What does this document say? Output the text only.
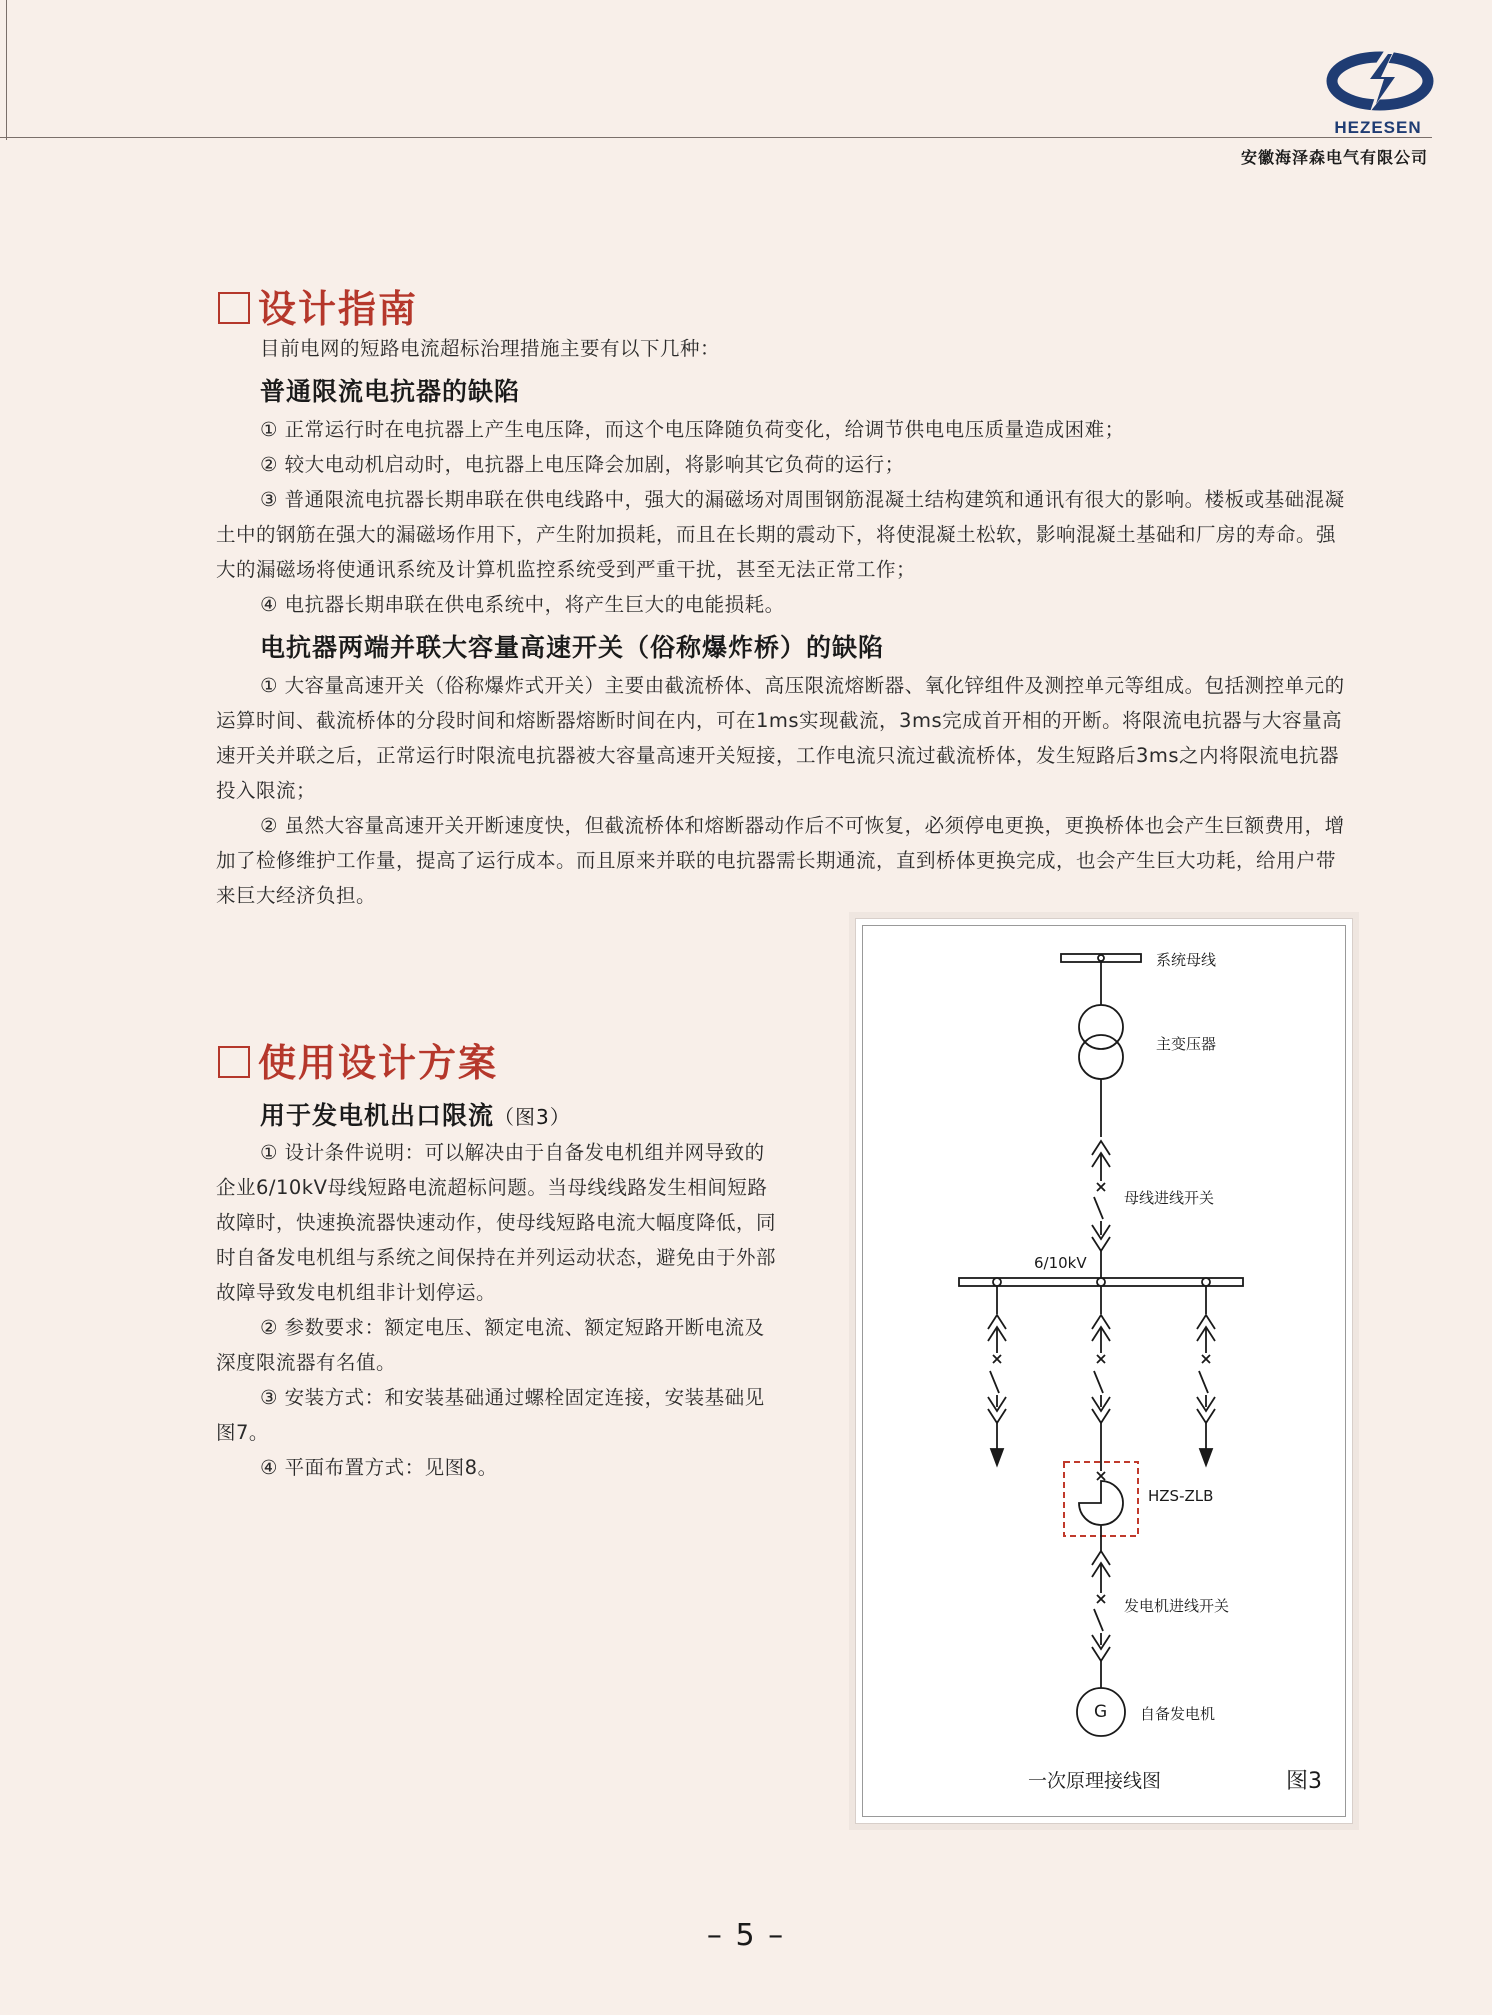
HEZESEN
安徽海泽森电气有限公司
设计指南
目前电网的短路电流超标治理措施主要有以下几种：
普通限流电抗器的缺陷
① 正常运行时在电抗器上产生电压降，而这个电压降随负荷变化，给调节供电电压质量造成困难；
② 较大电动机启动时，电抗器上电压降会加剧，将影响其它负荷的运行；
③ 普通限流电抗器长期串联在供电线路中，强大的漏磁场对周围钢筋混凝土结构建筑和通讯有很大的影响。楼板或基础混凝土中的钢筋在强大的漏磁场作用下，产生附加损耗，而且在长期的震动下，将使混凝土松软，影响混凝土基础和厂房的寿命。强大的漏磁场将使通讯系统及计算机监控系统受到严重干扰，甚至无法正常工作；
④ 电抗器长期串联在供电系统中，将产生巨大的电能损耗。
电抗器两端并联大容量高速开关（俗称爆炸桥）的缺陷
① 大容量高速开关（俗称爆炸式开关）主要由截流桥体、高压限流熔断器、氧化锌组件及测控单元等组成。包括测控单元的运算时间、截流桥体的分段时间和熔断器熔断时间在内，可在1ms实现截流，3ms完成首开相的开断。将限流电抗器与大容量高速开关并联之后，正常运行时限流电抗器被大容量高速开关短接，工作电流只流过截流桥体，发生短路后3ms之内将限流电抗器投入限流；
② 虽然大容量高速开关开断速度快，但截流桥体和熔断器动作后不可恢复，必须停电更换，更换桥体也会产生巨额费用，增加了检修维护工作量，提高了运行成本。而且原来并联的电抗器需长期通流，直到桥体更换完成，也会产生巨大功耗，给用户带来巨大经济负担。
使用设计方案
用于发电机出口限流（图3）
① 设计条件说明：可以解决由于自备发电机组并网导致的企业6/10kV母线短路电流超标问题。当母线线路发生相间短路故障时，快速换流器快速动作，使母线短路电流大幅度降低，同时自备发电机组与系统之间保持在并列运动状态，避免由于外部故障导致发电机组非计划停运。
② 参数要求：额定电压、额定电流、额定短路开断电流及深度限流器有名值。
③ 安装方式：和安装基础通过螺栓固定连接，安装基础见图7。
④ 平面布置方式：见图8。
系统母线
主变压器
母线进线开关
6/10kV
HZS-ZLB
发电机进线开关
G 自备发电机
一次原理接线图	图3
– 5 –
